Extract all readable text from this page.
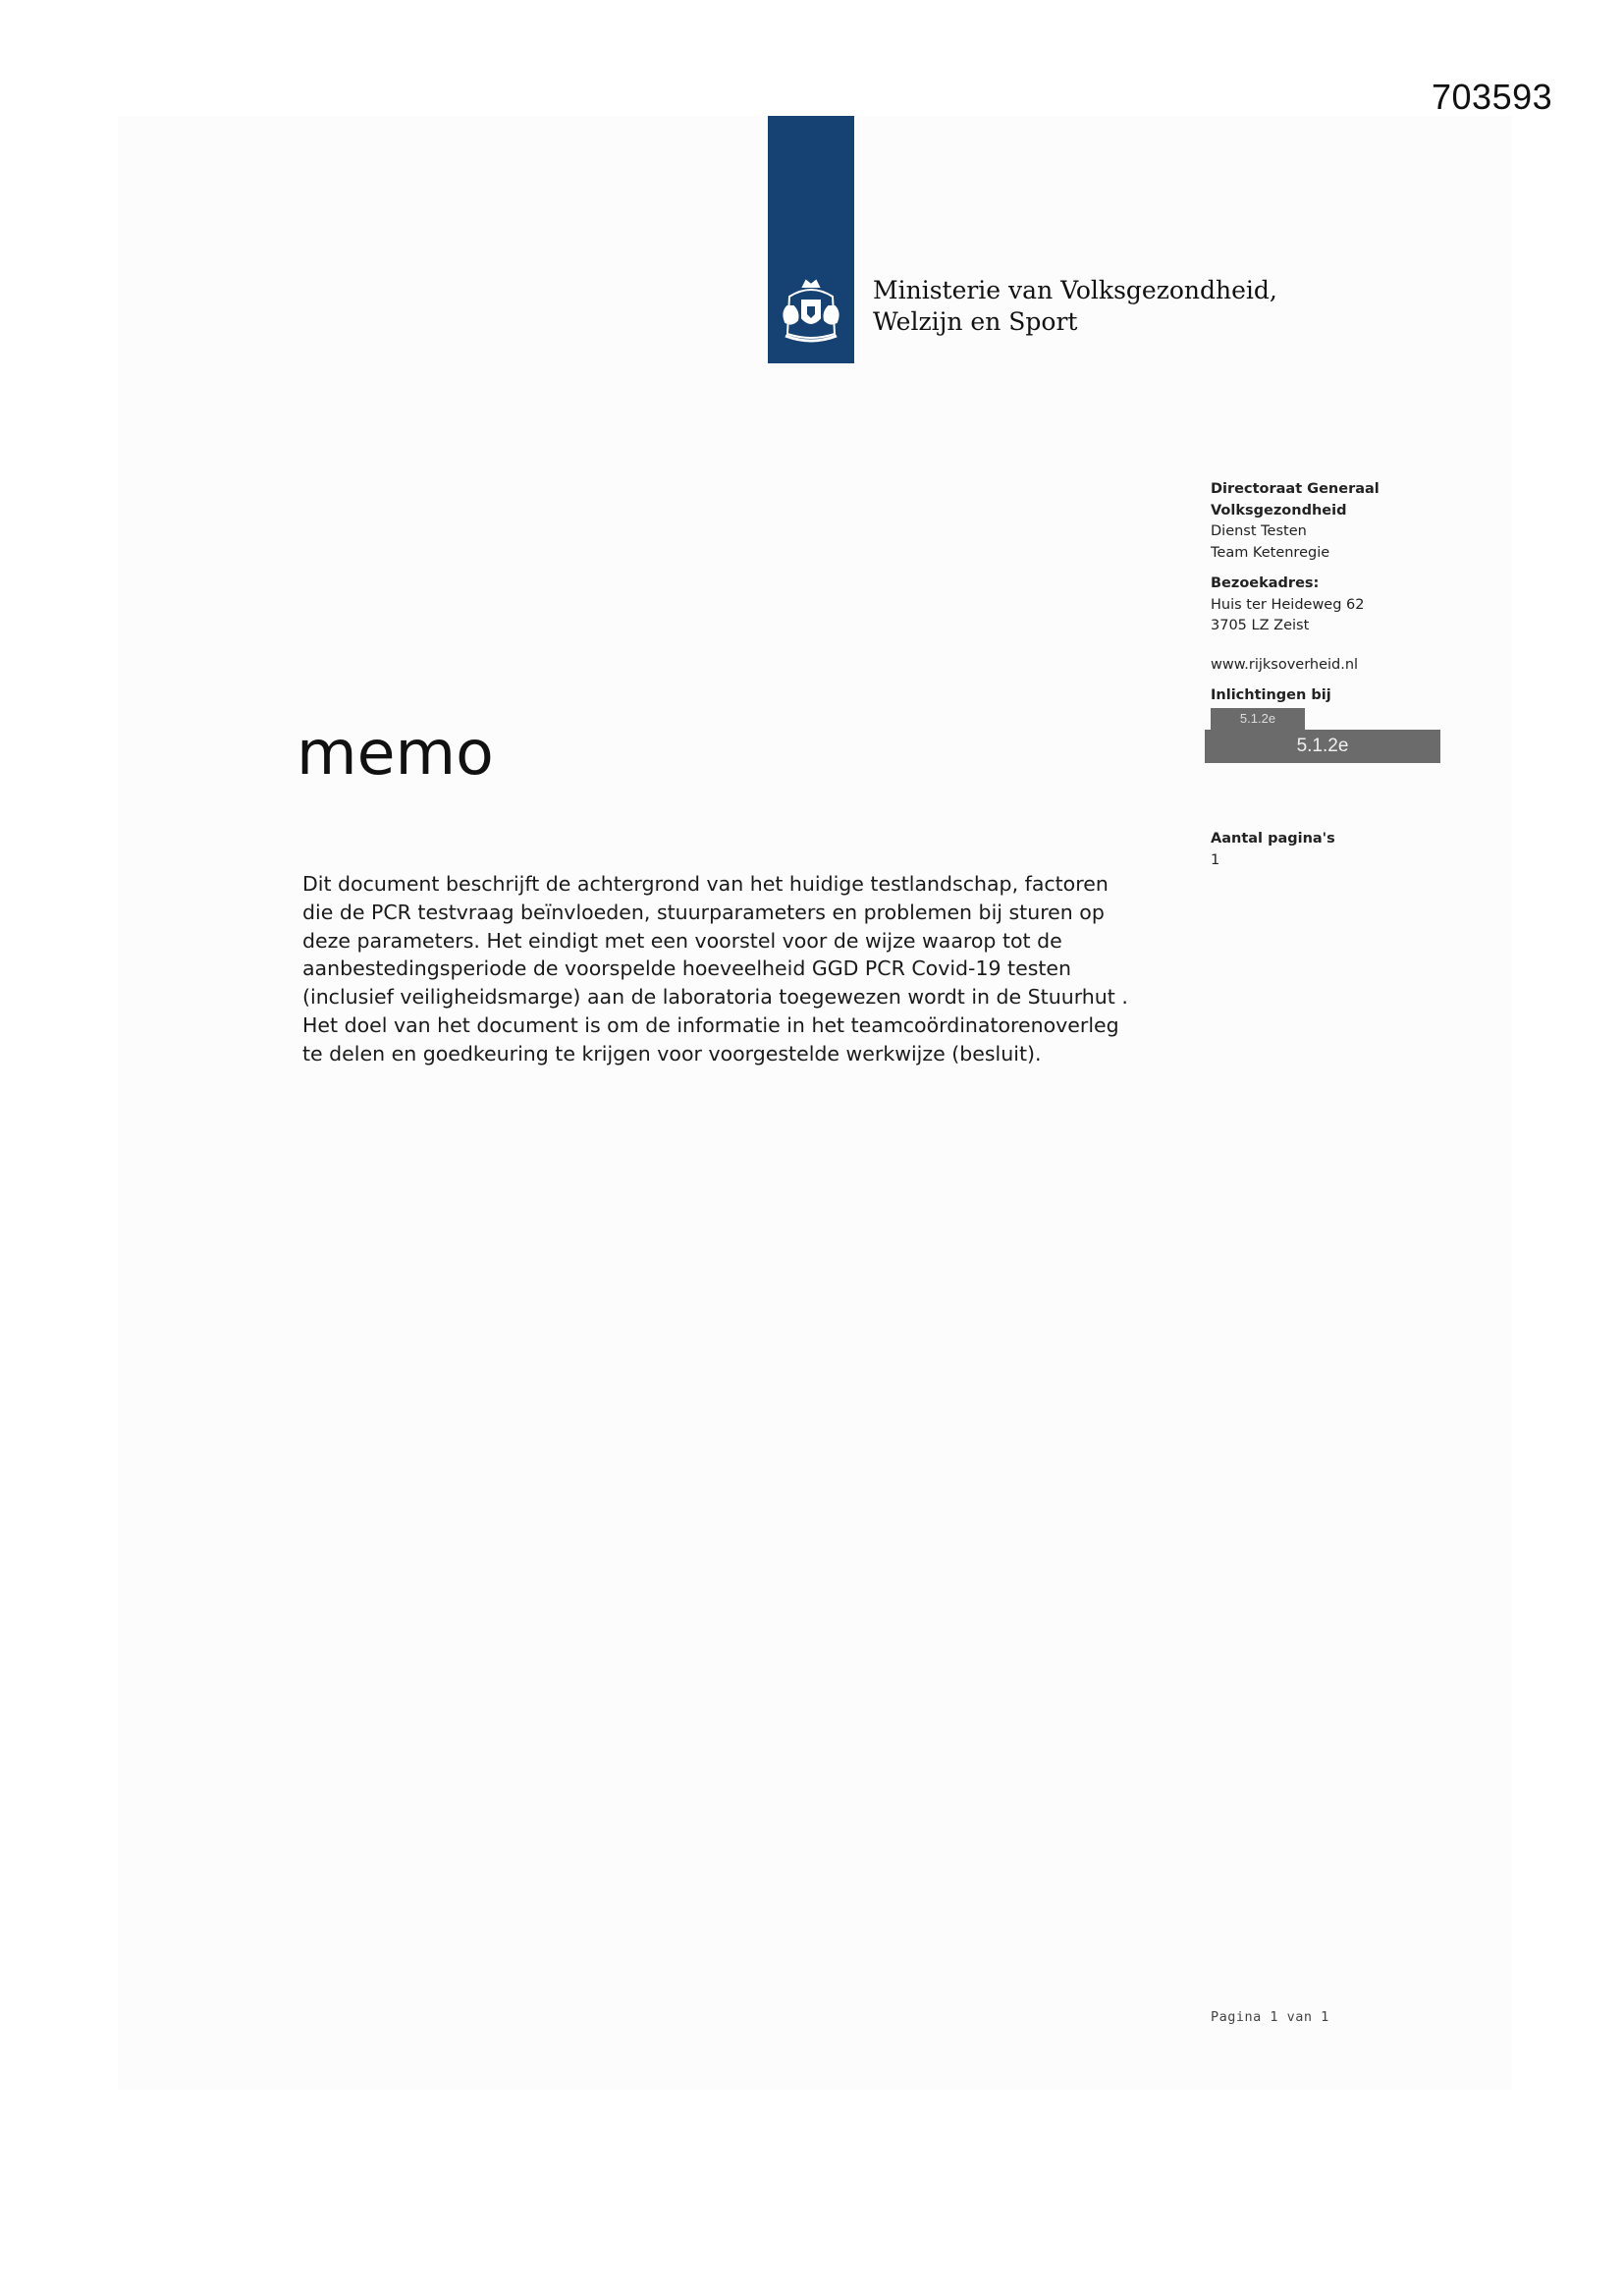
703593
Ministerie van Volksgezondheid,
Welzijn en Sport
Directoraat Generaal
Volksgezondheid
Dienst Testen
Team Ketenregie
Bezoekadres:
Huis ter Heideweg 62
3705 LZ Zeist
www.rijksoverheid.nl
Inlichtingen bij
5.1.2e
5.1.2e
Aantal pagina's
1
memo
Dit document beschrijft de achtergrond van het huidige testlandschap, factoren
die de PCR testvraag beïnvloeden, stuurparameters en problemen bij sturen op
deze parameters. Het eindigt met een voorstel voor de wijze waarop tot de
aanbestedingsperiode de voorspelde hoeveelheid GGD PCR Covid-19 testen
(inclusief veiligheidsmarge) aan de laboratoria toegewezen wordt in de Stuurhut .
Het doel van het document is om de informatie in het teamcoördinatorenoverleg
te delen en goedkeuring te krijgen voor voorgestelde werkwijze (besluit).
Pagina 1 van 1
